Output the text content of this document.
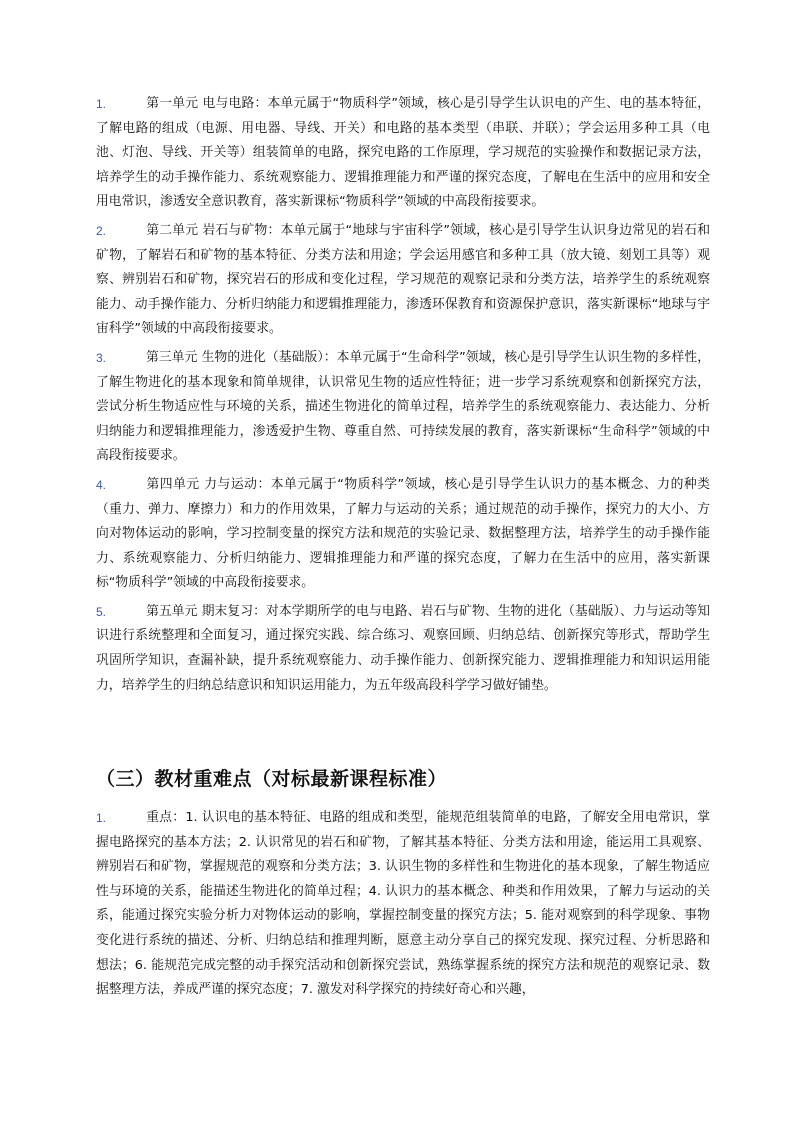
1.	第一单元 电与电路：本单元属于“物质科学”领域，核心是引导学生认识电的产生、电的基本特征，了解电路的组成（电源、用电器、导线、开关）和电路的基本类型（串联、并联）；学会运用多种工具（电池、灯泡、导线、开关等）组装简单的电路，探究电路的工作原理，学习规范的实验操作和数据记录方法，培养学生的动手操作能力、系统观察能力、逻辑推理能力和严谨的探究态度，了解电在生活中的应用和安全用电常识，渗透安全意识教育，落实新课标“物质科学”领域的中高段衔接要求。
2.	第二单元 岩石与矿物：本单元属于“地球与宇宙科学”领域，核心是引导学生认识身边常见的岩石和矿物，了解岩石和矿物的基本特征、分类方法和用途；学会运用感官和多种工具（放大镜、刻划工具等）观察、辨别岩石和矿物，探究岩石的形成和变化过程，学习规范的观察记录和分类方法，培养学生的系统观察能力、动手操作能力、分析归纳能力和逻辑推理能力，渗透环保教育和资源保护意识，落实新课标“地球与宇宙科学”领域的中高段衔接要求。
3.	第三单元 生物的进化（基础版）：本单元属于“生命科学”领域，核心是引导学生认识生物的多样性，了解生物进化的基本现象和简单规律，认识常见生物的适应性特征；进一步学习系统观察和创新探究方法，尝试分析生物适应性与环境的关系，描述生物进化的简单过程，培养学生的系统观察能力、表达能力、分析归纳能力和逻辑推理能力，渗透爱护生物、尊重自然、可持续发展的教育，落实新课标“生命科学”领域的中高段衔接要求。
4.	第四单元 力与运动：本单元属于“物质科学”领域，核心是引导学生认识力的基本概念、力的种类（重力、弹力、摩擦力）和力的作用效果，了解力与运动的关系；通过规范的动手操作，探究力的大小、方向对物体运动的影响，学习控制变量的探究方法和规范的实验记录、数据整理方法，培养学生的动手操作能力、系统观察能力、分析归纳能力、逻辑推理能力和严谨的探究态度，了解力在生活中的应用，落实新课标“物质科学”领域的中高段衔接要求。
5.	第五单元 期末复习：对本学期所学的电与电路、岩石与矿物、生物的进化（基础版）、力与运动等知识进行系统整理和全面复习，通过探究实践、综合练习、观察回顾、归纳总结、创新探究等形式，帮助学生巩固所学知识，查漏补缺，提升系统观察能力、动手操作能力、创新探究能力、逻辑推理能力和知识运用能力，培养学生的归纳总结意识和知识运用能力，为五年级高段科学学习做好铺垫。
（三）教材重难点（对标最新课程标准）
1.	重点：1. 认识电的基本特征、电路的组成和类型，能规范组装简单的电路，了解安全用电常识，掌握电路探究的基本方法；2. 认识常见的岩石和矿物，了解其基本特征、分类方法和用途，能运用工具观察、辨别岩石和矿物，掌握规范的观察和分类方法；3. 认识生物的多样性和生物进化的基本现象，了解生物适应性与环境的关系，能描述生物进化的简单过程；4. 认识力的基本概念、种类和作用效果，了解力与运动的关系，能通过探究实验分析力对物体运动的影响，掌握控制变量的探究方法；5. 能对观察到的科学现象、事物变化进行系统的描述、分析、归纳总结和推理判断，愿意主动分享自己的探究发现、探究过程、分析思路和想法；6. 能规范完成完整的动手探究活动和创新探究尝试，熟练掌握系统的探究方法和规范的观察记录、数据整理方法，养成严谨的探究态度；7. 激发对科学探究的持续好奇心和兴趣，
